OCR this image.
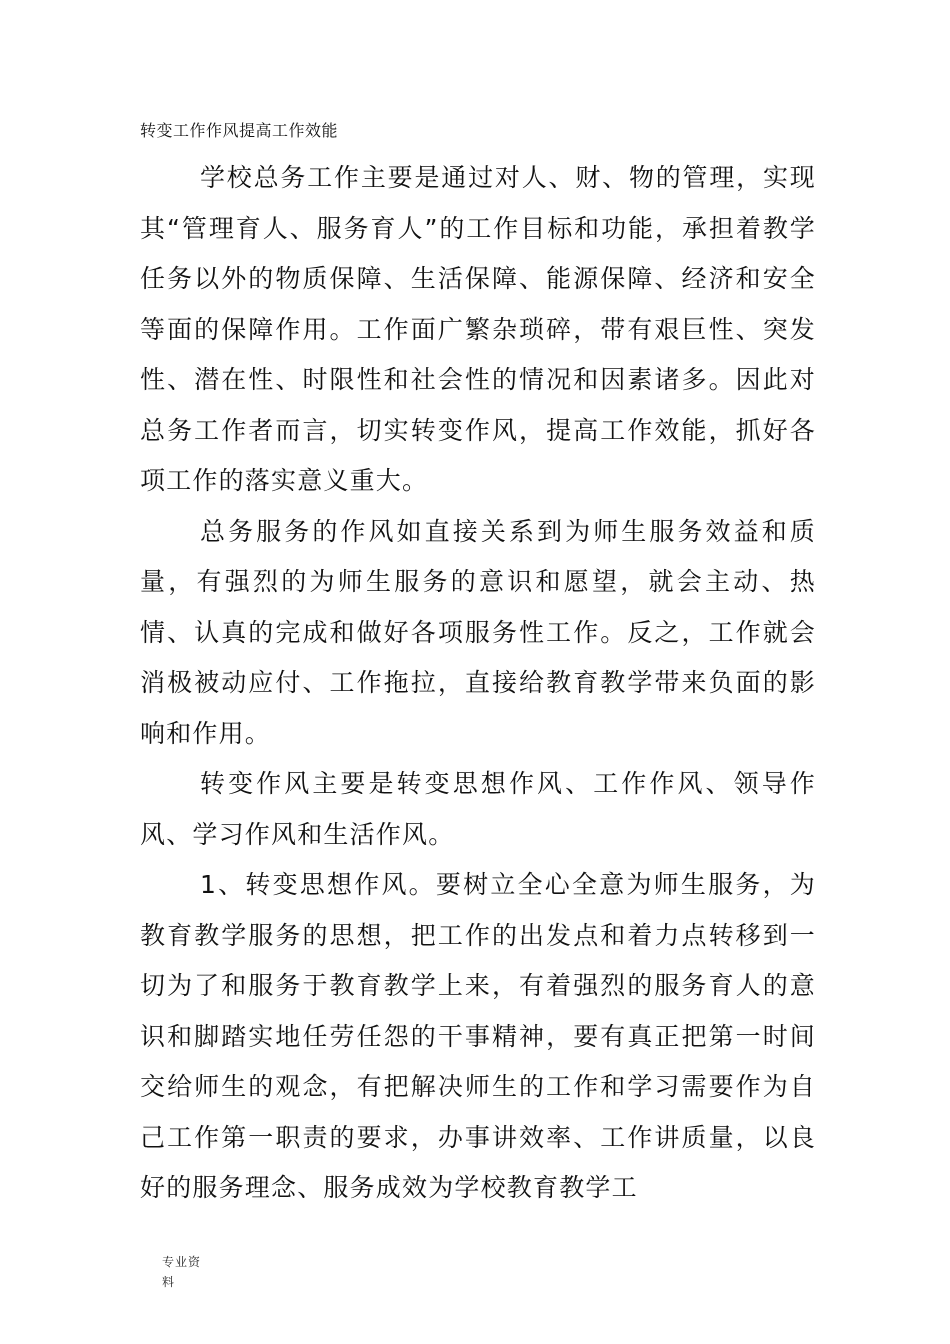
转变工作作风提高工作效能

学校总务工作主要是通过对人、财、物的管理，实现其“管理育人、服务育人”的工作目标和功能，承担着教学任务以外的物质保障、生活保障、能源保障、经济和安全等面的保障作用。工作面广繁杂琐碎，带有艰巨性、突发性、潜在性、时限性和社会性的情况和因素诸多。因此对总务工作者而言，切实转变作风，提高工作效能，抓好各项工作的落实意义重大。

总务服务的作风如直接关系到为师生服务效益和质量，有强烈的为师生服务的意识和愿望，就会主动、热情、认真的完成和做好各项服务性工作。反之，工作就会消极被动应付、工作拖拉，直接给教育教学带来负面的影响和作用。

转变作风主要是转变思想作风、工作作风、领导作风、学习作风和生活作风。

1、转变思想作风。要树立全心全意为师生服务，为教育教学服务的思想，把工作的出发点和着力点转移到一切为了和服务于教育教学上来，有着强烈的服务育人的意识和脚踏实地任劳任怨的干事精神，要有真正把第一时间交给师生的观念，有把解决师生的工作和学习需要作为自己工作第一职责的要求，办事讲效率、工作讲质量，以良好的服务理念、服务成效为学校教育教学工

专业资料
